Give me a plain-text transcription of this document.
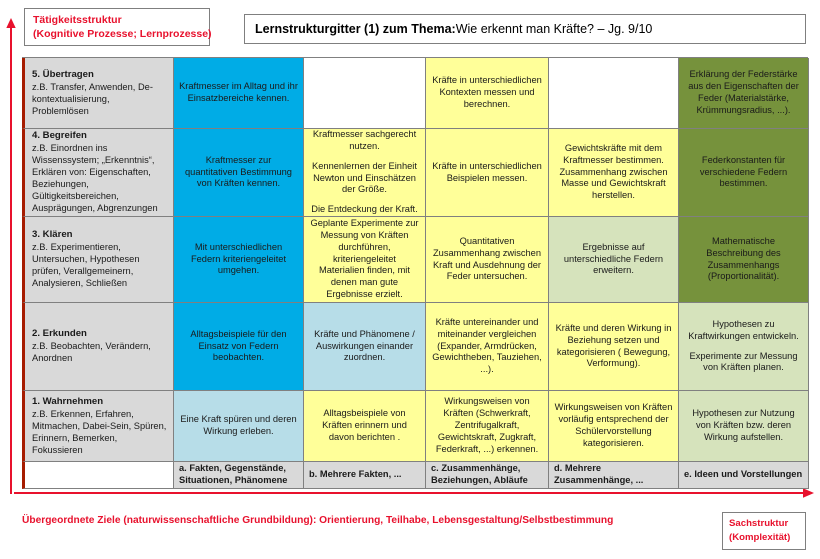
Tätigkeitsstruktur
(Kognitive Prozesse; Lernprozesse)	Lernstrukturgitter (1) zum Thema: Wie erkennt man Kräfte? – Jg. 9/10
5. Übertragen
z.B. Transfer, Anwenden, De-kontextualisierung, Problemlösen

Kraftmesser im Alltag und ihr Einsatzbereiche kennen.

Kräfte in unterschiedlichen Kontexten messen und berechnen.

Erklärung der Federstärke aus den Eigenschaften der Feder (Materialstärke, Krümmungsradius, ...).

4. Begreifen
z.B. Einordnen ins Wissenssystem; „Erkenntnis“, Erklären von: Eigenschaften, Beziehungen, Gültigkeitsbereichen, Ausprägungen, Abgrenzungen

Kraftmesser zur quantitativen Bestimmung von Kräften kennen.

Kraftmesser sachgerecht nutzen.

Kennenlernen der Einheit Newton und Einschätzen der Größe.

Die Entdeckung der Kraft.

Kräfte in unterschiedlichen Beispielen messen.

Gewichtskräfte mit dem Kraftmesser bestimmen. Zusammenhang zwischen Masse und Gewichtskraft herstellen.

Federkonstanten für verschiedene Federn bestimmen.

3. Klären
z.B. Experimentieren, Untersuchen, Hypothesen prüfen, Verallgemeinern, Analysieren, Schließen

Mit unterschiedlichen Federn kriteriengeleitet umgehen.

Geplante Experimente zur Messung von Kräften durchführen, kriteriengeleitet Materialien finden, mit denen man gute Ergebnisse erzielt.

Quantitativen Zusammenhang zwischen Kraft und Ausdehnung der Feder untersuchen.

Ergebnisse auf unterschiedliche Federn erweitern.

Mathematische Beschreibung des Zusammenhangs (Proportionalität).

2. Erkunden
z.B. Beobachten, Verändern, Anordnen

Alltagsbeispiele für den Einsatz von Federn beobachten.

Kräfte und Phänomene / Auswirkungen einander zuordnen.

Kräfte untereinander und miteinander vergleichen (Expander, Armdrücken, Gewichtheben, Tauziehen, ...).

Kräfte und deren Wirkung in Beziehung setzen und kategorisieren ( Bewegung, Verformung).

Hypothesen zu Kraftwirkungen entwickeln.

Experimente zur Messung von Kräften planen.

1. Wahrnehmen
z.B. Erkennen, Erfahren, Mitmachen, Dabei-Sein, Spüren, Erinnern, Bemerken, Fokussieren

Eine Kraft spüren und deren Wirkung erleben.

Alltagsbeispiele von Kräften erinnern und davon berichten .

Wirkungsweisen von Kräften (Schwerkraft, Zentrifugalkraft, Gewichtskraft, Zugkraft, Federkraft, ...) erkennen.

Wirkungsweisen von Kräften vorläufig entsprechend der Schülervorstellung kategorisieren.

Hypothesen zur Nutzung von Kräften bzw. deren Wirkung aufstellen.

a. Fakten, Gegenstände, Situationen, Phänomene
b. Mehrere Fakten, ...
c. Zusammenhänge, Beziehungen, Abläufe
d. Mehrere Zusammenhänge, ...
e. Ideen und Vorstellungen
Übergeordnete Ziele (naturwissenschaftliche Grundbildung): Orientierung, Teilhabe, Lebensgestaltung/Selbstbestimmung	Sachstruktur
(Komplexität)
